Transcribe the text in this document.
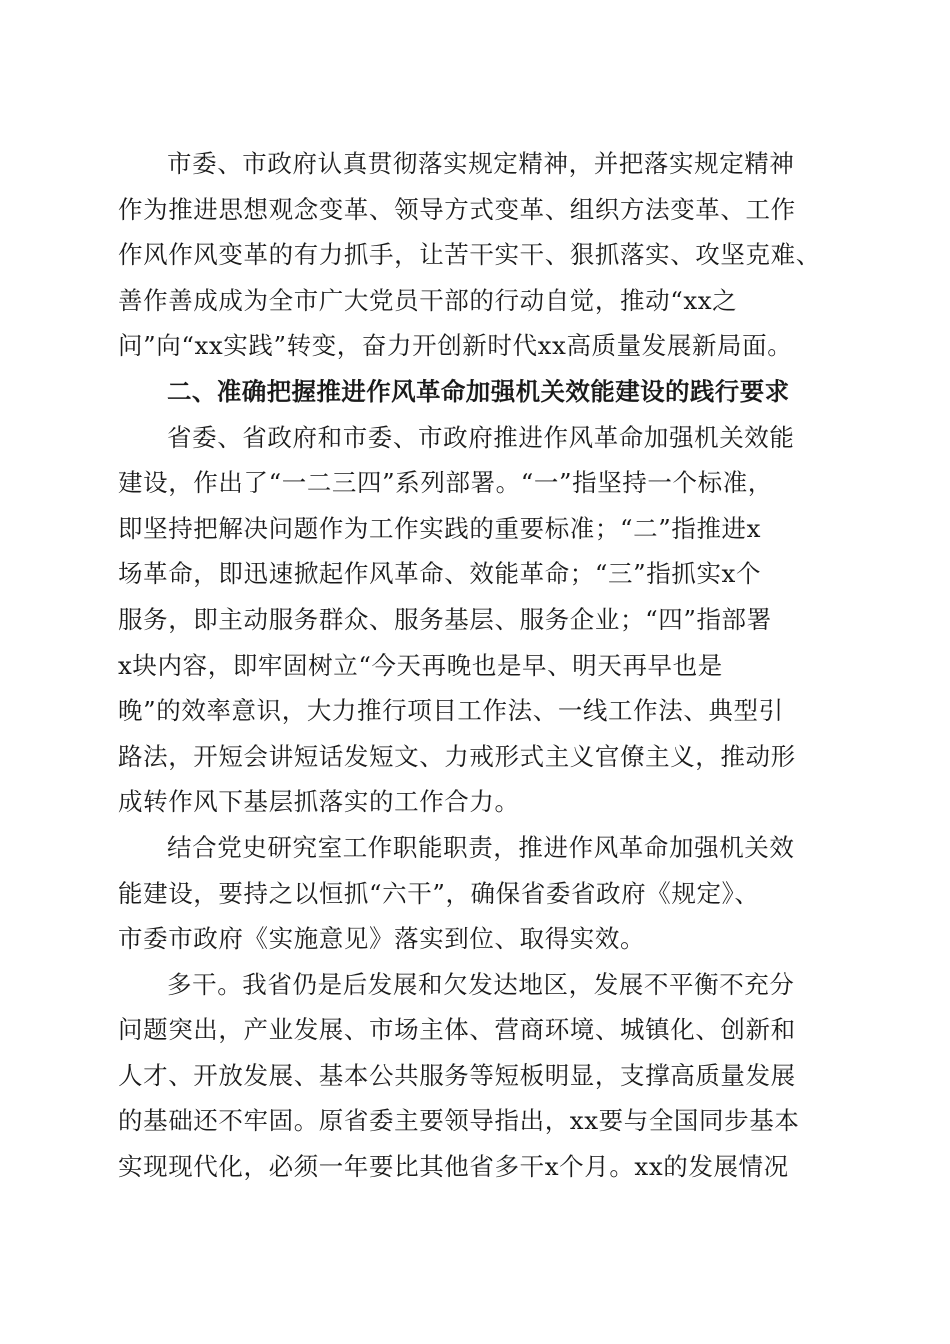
市委、市政府认真贯彻落实规定精神，并把落实规定精神
作为推进思想观念变革、领导方式变革、组织方法变革、工作
作风作风变革的有力抓手，让苦干实干、狠抓落实、攻坚克难、
善作善成成为全市广大党员干部的行动自觉，推动“xx之
问”向“xx实践”转变，奋力开创新时代xx高质量发展新局面。

二、准确把握推进作风革命加强机关效能建设的践行要求

省委、省政府和市委、市政府推进作风革命加强机关效能
建设，作出了“一二三四”系列部署。“一”指坚持一个标准，
即坚持把解决问题作为工作实践的重要标准；“二”指推进x
场革命，即迅速掀起作风革命、效能革命；“三”指抓实x个
服务，即主动服务群众、服务基层、服务企业；“四”指部署
x块内容，即牢固树立“今天再晚也是早、明天再早也是
晚”的效率意识，大力推行项目工作法、一线工作法、典型引
路法，开短会讲短话发短文、力戒形式主义官僚主义，推动形
成转作风下基层抓落实的工作合力。

结合党史研究室工作职能职责，推进作风革命加强机关效
能建设，要持之以恒抓“六干”，确保省委省政府《规定》、
市委市政府《实施意见》落实到位、取得实效。

多干。我省仍是后发展和欠发达地区，发展不平衡不充分
问题突出，产业发展、市场主体、营商环境、城镇化、创新和
人才、开放发展、基本公共服务等短板明显，支撑高质量发展
的基础还不牢固。原省委主要领导指出，xx要与全国同步基本
实现现代化，必须一年要比其他省多干x个月。xx的发展情况
